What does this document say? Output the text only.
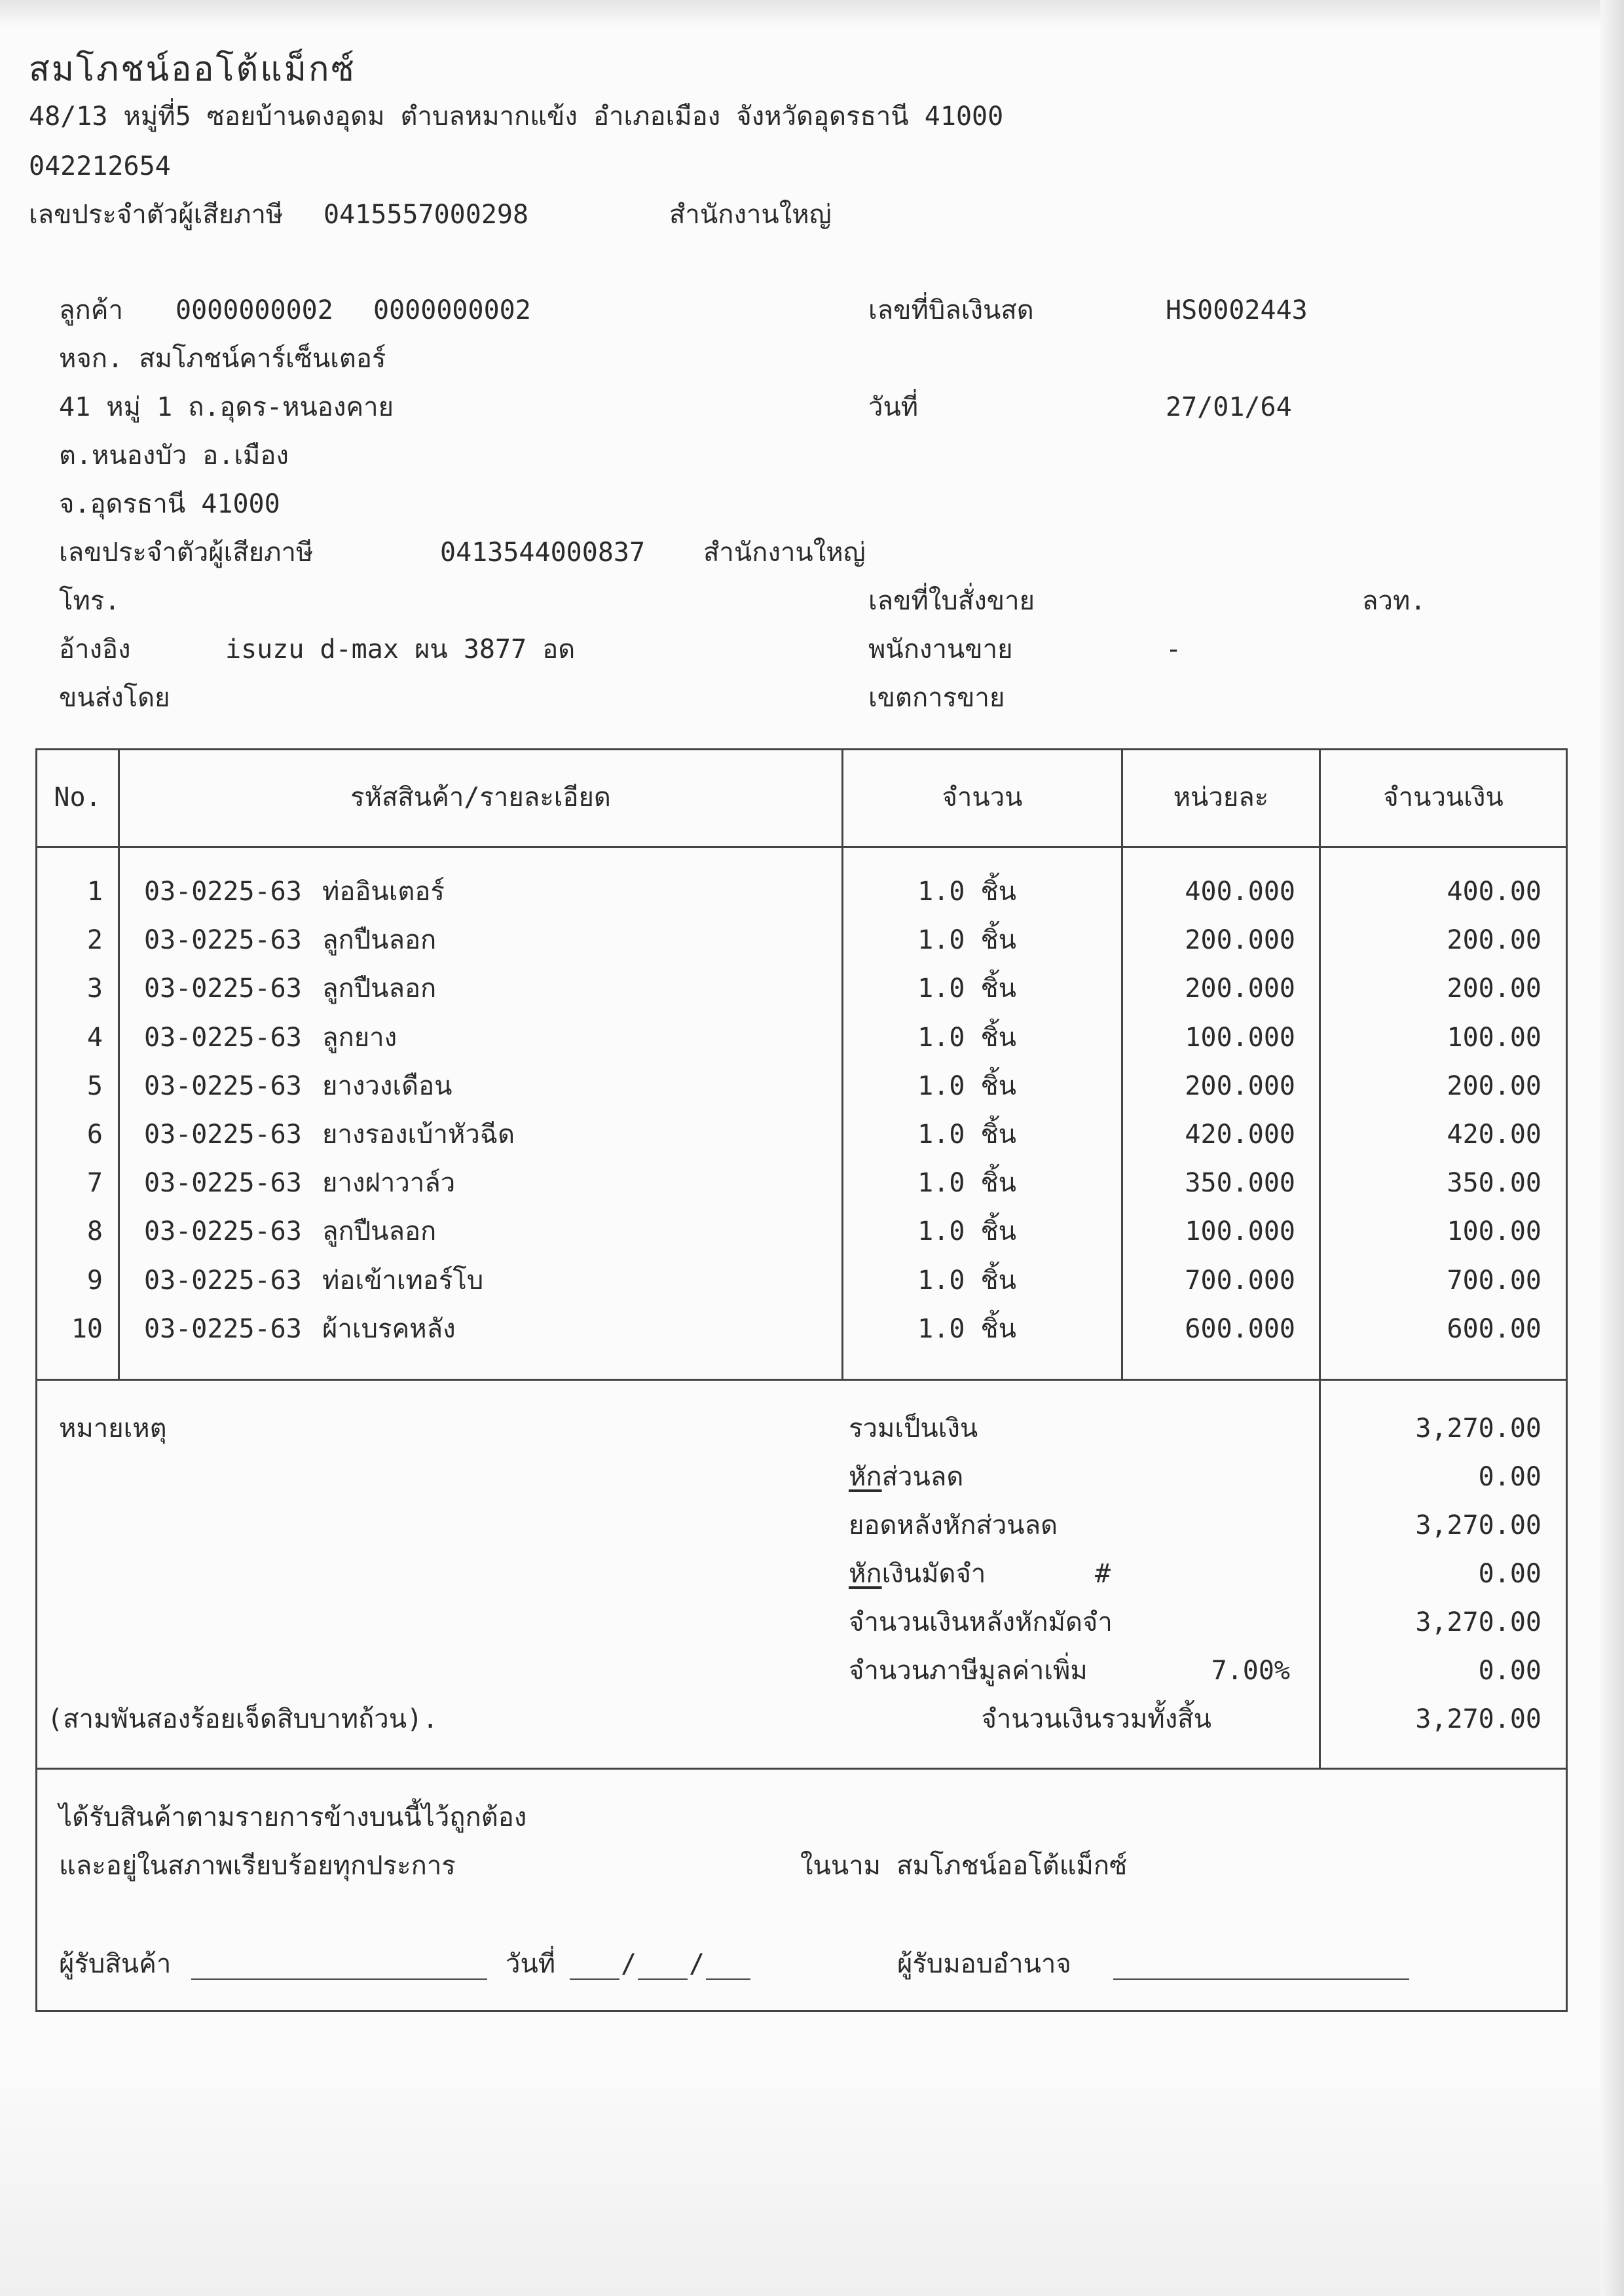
สมโภชน์ออโต้แม็กซ์
48/13 หมู่ที่5 ซอยบ้านดงอุดม ตำบลหมากแข้ง อำเภอเมือง จังหวัดอุดรธานี 41000
042212654
เลขประจำตัวผู้เสียภาษี 0415557000298	สำนักงานใหญ่
ลูกค้า 0000000002 0000000002
หจก. สมโภชน์คาร์เซ็นเตอร์
41 หมู่ 1 ถ.อุดร-หนองคาย
ต.หนองบัว อ.เมือง
จ.อุดรธานี 41000
เลขประจำตัวผู้เสียภาษี	0413544000837 สำนักงานใหญ่
โทร.
อ้างอิง	isuzu d-max ผน 3877 อด
ขนส่งโดย
เลขที่บิลเงินสด	HS0002443
วันที่	27/01/64
เลขที่ใบสั่งขาย	ลวท.
พนักงานขาย	-
เขตการขาย
No.	รหัสสินค้า/รายละเอียด	จำนวน	หน่วยละ	จำนวนเงิน
1 03-0225-63 ท่ออินเตอร์	1.0 ชิ้น	400.000	400.00
2 03-0225-63 ลูกปืนลอก	1.0 ชิ้น	200.000	200.00
3 03-0225-63 ลูกปืนลอก	1.0 ชิ้น	200.000	200.00
4 03-0225-63 ลูกยาง	1.0 ชิ้น	100.000	100.00
5 03-0225-63 ยางวงเดือน	1.0 ชิ้น	200.000	200.00
6 03-0225-63 ยางรองเบ้าหัวฉีด	1.0 ชิ้น	420.000	420.00
7 03-0225-63 ยางฝาวาล์ว	1.0 ชิ้น	350.000	350.00
8 03-0225-63 ลูกปืนลอก	1.0 ชิ้น	100.000	100.00
9 03-0225-63 ท่อเข้าเทอร์โบ	1.0 ชิ้น	700.000	700.00
10 03-0225-63 ผ้าเบรคหลัง	1.0 ชิ้น	600.000	600.00
หมายเหตุ	รวมเป็นเงิน	3,270.00
หักส่วนลด	0.00
ยอดหลังหักส่วนลด	3,270.00
หักเงินมัดจำ	#	0.00
จำนวนเงินหลังหักมัดจำ	3,270.00
จำนวนภาษีมูลค่าเพิ่ม	7.00%	0.00
(สามพันสองร้อยเจ็ดสิบบาทถ้วน).	จำนวนเงินรวมทั้งสิ้น	3,270.00
ได้รับสินค้าตามรายการข้างบนนี้ไว้ถูกต้อง
และอยู่ในสภาพเรียบร้อยทุกประการ	ในนาม สมโภชน์ออโต้แม็กซ์
ผู้รับสินค้า	วันที่ / /	ผู้รับมอบอำนาจ
